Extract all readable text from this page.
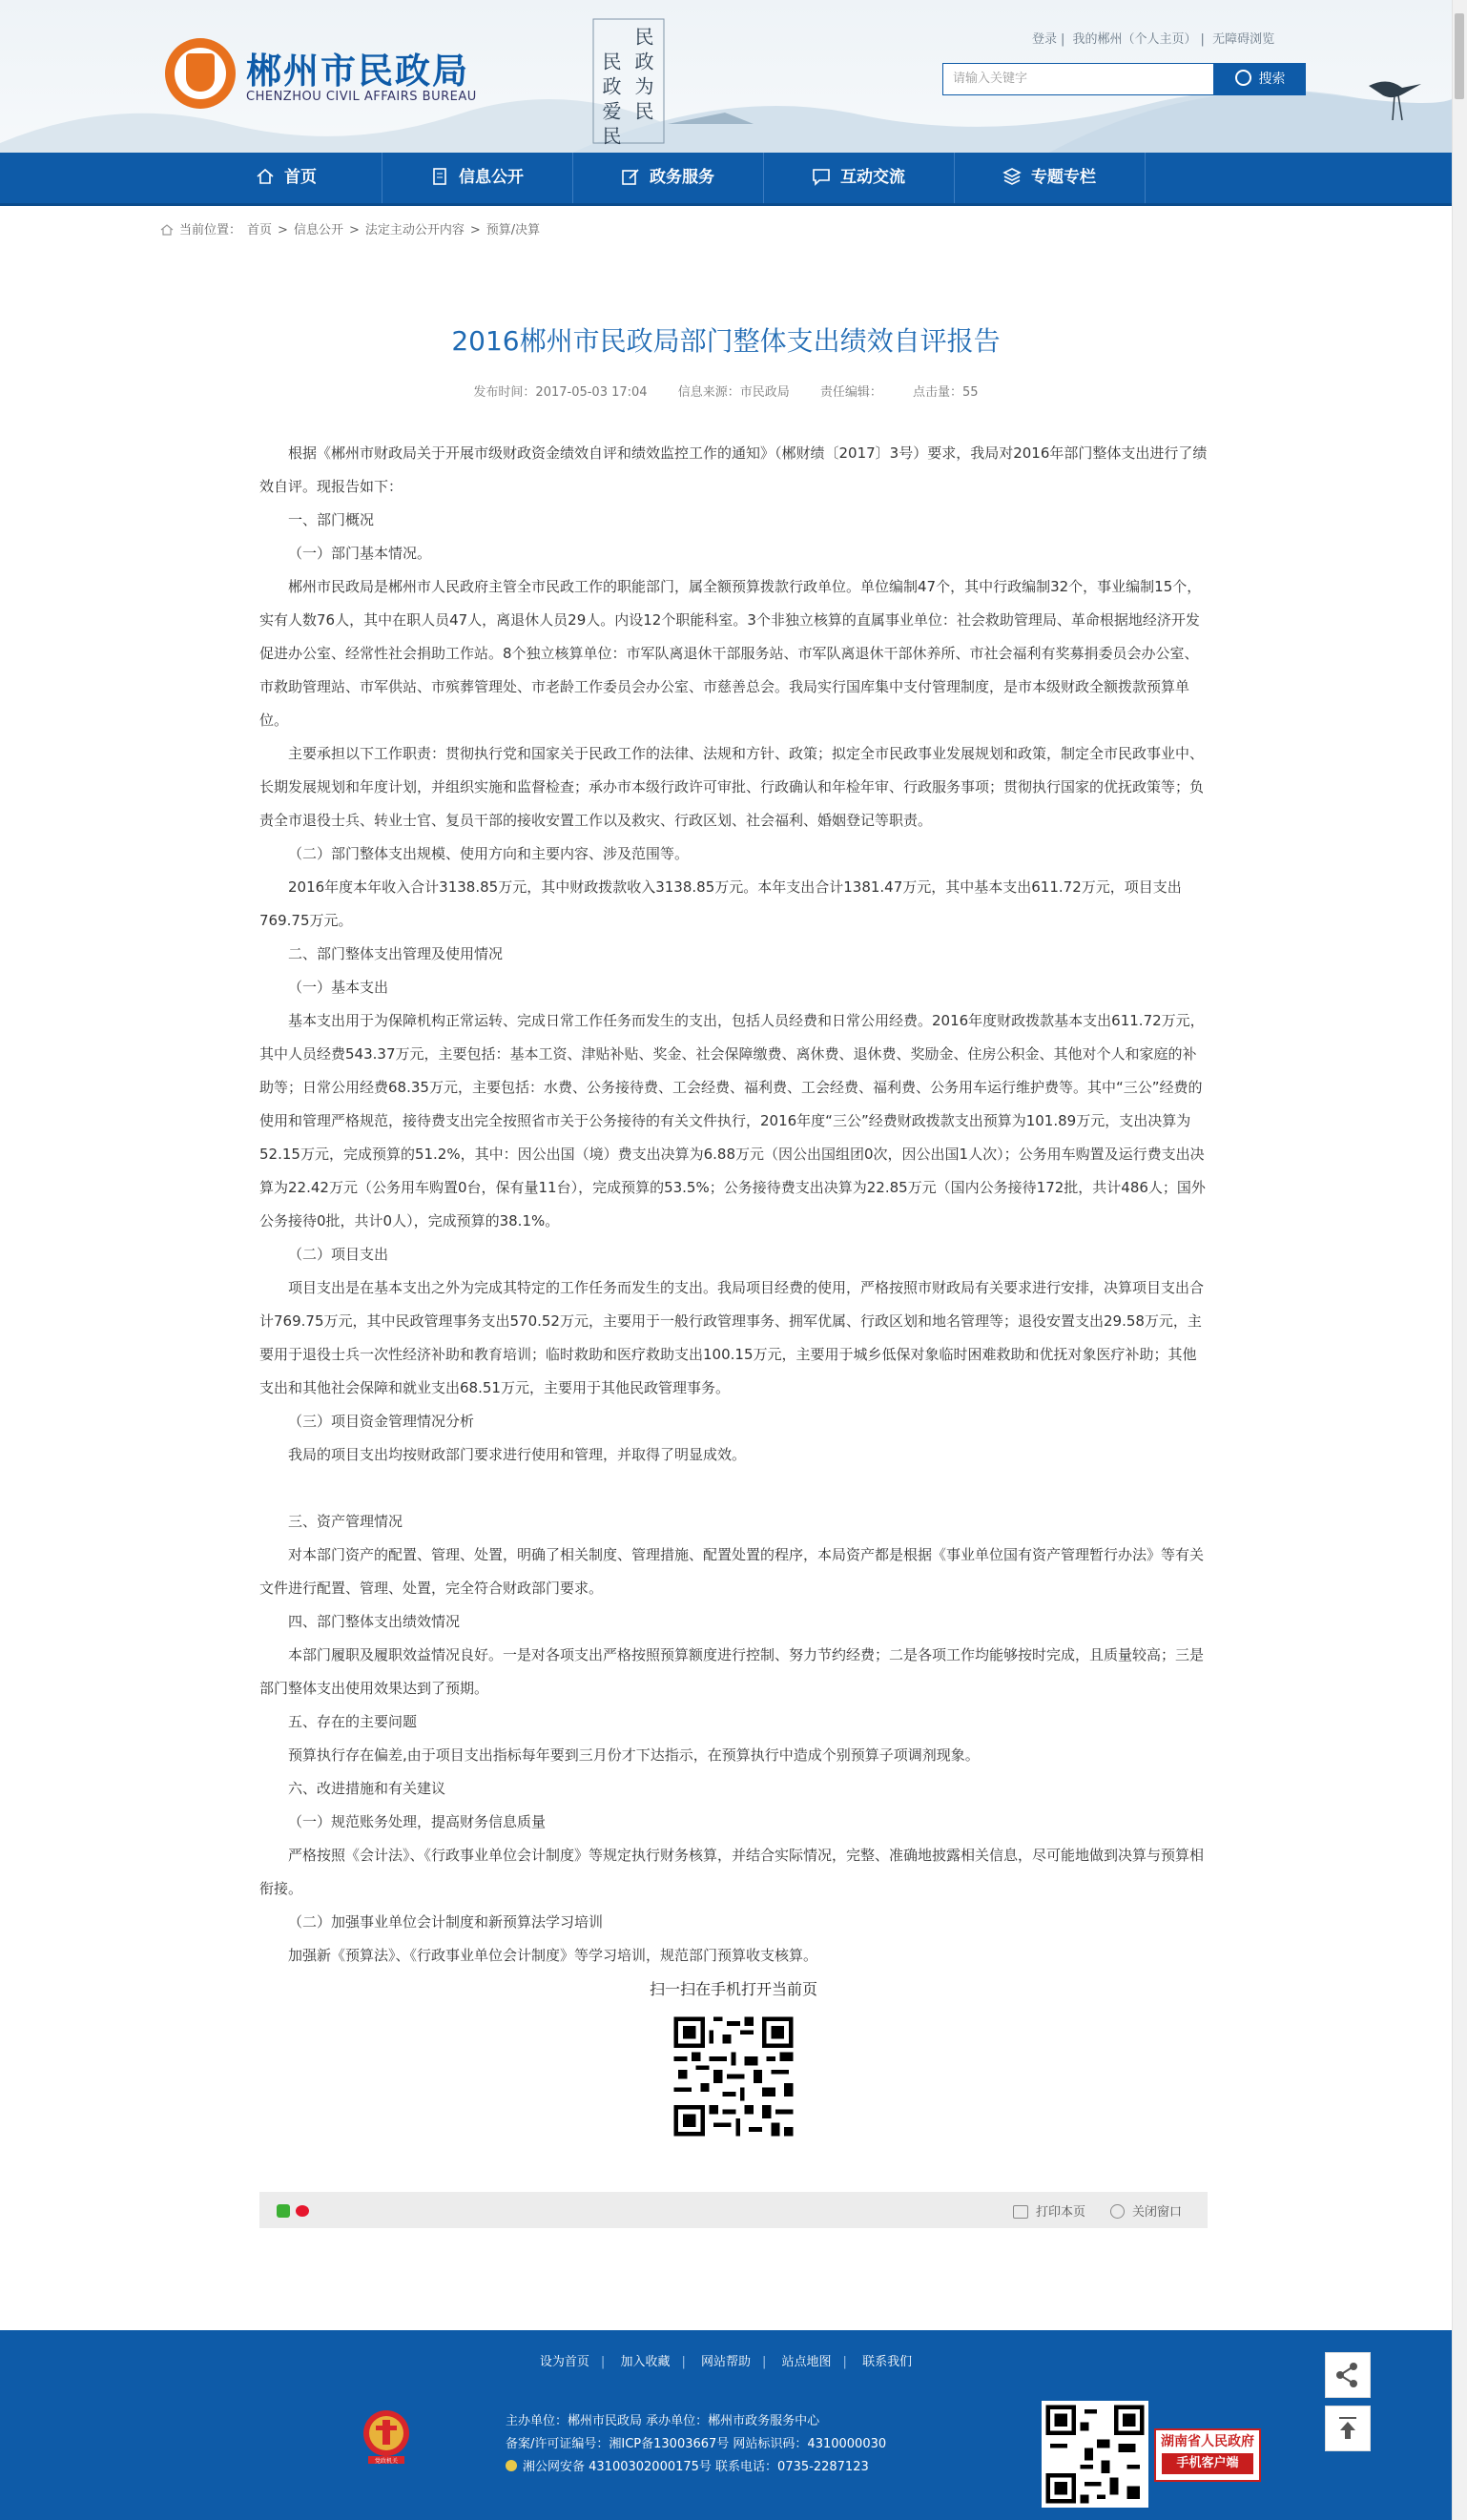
郴州市民政局
CHENZHOU CIVIL AFFAIRS BUREAU	民政为民
民政爱民
登录 | 我的郴州（个人主页） | 无障碍浏览
请输入关键字	搜索
首页	信息公开	政务服务	互动交流	专题专栏
当前位置： 首页 > 信息公开 > 法定主动公开内容 > 预算/决算
2016郴州市民政局部门整体支出绩效自评报告
发布时间：2017-05-03 17:04 信息来源：市民政局 责任编辑： 点击量：55

根据《郴州市财政局关于开展市级财政资金绩效自评和绩效监控工作的通知》（郴财绩〔2017〕3号）要求，我局对2016年部门整体支出进行了绩效自评。现报告如下：

一、部门概况

（一）部门基本情况。

郴州市民政局是郴州市人民政府主管全市民政工作的职能部门，属全额预算拨款行政单位。单位编制47个，其中行政编制32个，事业编制15个，实有人数76人，其中在职人员47人，离退休人员29人。内设12个职能科室。3个非独立核算的直属事业单位：社会救助管理局、革命根据地经济开发促进办公室、经常性社会捐助工作站。8个独立核算单位：市军队离退休干部服务站、市军队离退休干部休养所、市社会福利有奖募捐委员会办公室、市救助管理站、市军供站、市殡葬管理处、市老龄工作委员会办公室、市慈善总会。我局实行国库集中支付管理制度，是市本级财政全额拨款预算单位。

主要承担以下工作职责：贯彻执行党和国家关于民政工作的法律、法规和方针、政策；拟定全市民政事业发展规划和政策，制定全市民政事业中、长期发展规划和年度计划，并组织实施和监督检查；承办市本级行政许可审批、行政确认和年检年审、行政服务事项；贯彻执行国家的优抚政策等；负责全市退役士兵、转业士官、复员干部的接收安置工作以及救灾、行政区划、社会福利、婚姻登记等职责。

（二）部门整体支出规模、使用方向和主要内容、涉及范围等。

2016年度本年收入合计3138.85万元，其中财政拨款收入3138.85万元。本年支出合计1381.47万元，其中基本支出611.72万元，项目支出769.75万元。

二、部门整体支出管理及使用情况

（一）基本支出

基本支出用于为保障机构正常运转、完成日常工作任务而发生的支出，包括人员经费和日常公用经费。2016年度财政拨款基本支出611.72万元，其中人员经费543.37万元，主要包括：基本工资、津贴补贴、奖金、社会保障缴费、离休费、退休费、奖励金、住房公积金、其他对个人和家庭的补助等；日常公用经费68.35万元，主要包括：水费、公务接待费、工会经费、福利费、工会经费、福利费、公务用车运行维护费等。其中“三公”经费的使用和管理严格规范，接待费支出完全按照省市关于公务接待的有关文件执行，2016年度“三公”经费财政拨款支出预算为101.89万元，支出决算为52.15万元，完成预算的51.2%，其中：因公出国（境）费支出决算为6.88万元（因公出国组团0次，因公出国1人次）；公务用车购置及运行费支出决算为22.42万元（公务用车购置0台，保有量11台），完成预算的53.5%；公务接待费支出决算为22.85万元（国内公务接待172批，共计486人；国外公务接待0批，共计0人），完成预算的38.1%。

（二）项目支出

项目支出是在基本支出之外为完成其特定的工作任务而发生的支出。我局项目经费的使用，严格按照市财政局有关要求进行安排，决算项目支出合计769.75万元，其中民政管理事务支出570.52万元，主要用于一般行政管理事务、拥军优属、行政区划和地名管理等；退役安置支出29.58万元，主要用于退役士兵一次性经济补助和教育培训；临时救助和医疗救助支出100.15万元，主要用于城乡低保对象临时困难救助和优抚对象医疗补助；其他支出和其他社会保障和就业支出68.51万元，主要用于其他民政管理事务。

（三）项目资金管理情况分析

我局的项目支出均按财政部门要求进行使用和管理，并取得了明显成效。

三、资产管理情况

对本部门资产的配置、管理、处置，明确了相关制度、管理措施、配置处置的程序，本局资产都是根据《事业单位国有资产管理暂行办法》等有关文件进行配置、管理、处置，完全符合财政部门要求。

四、部门整体支出绩效情况

本部门履职及履职效益情况良好。一是对各项支出严格按照预算额度进行控制、努力节约经费；二是各项工作均能够按时完成，且质量较高；三是部门整体支出使用效果达到了预期。

五、存在的主要问题

预算执行存在偏差,由于项目支出指标每年要到三月份才下达指示，在预算执行中造成个别预算子项调剂现象。

六、改进措施和有关建议

（一）规范账务处理，提高财务信息质量

严格按照《会计法》、《行政事业单位会计制度》等规定执行财务核算，并结合实际情况，完整、准确地披露相关信息，尽可能地做到决算与预算相衔接。

（二）加强事业单位会计制度和新预算法学习培训

加强新《预算法》、《行政事业单位会计制度》等学习培训，规范部门预算收支核算。

扫一扫在手机打开当前页
打印本页	关闭窗口
设为首页 | 加入收藏 | 网站帮助 | 站点地图 | 联系我们
党政机关
主办单位：郴州市民政局 承办单位：郴州市政务服务中心
备案/许可证编号：湘ICP备13003667号 网站标识码：4310000030
湘公网安备 43100302000175号 联系电话：0735-2287123
湖南省人民政府
手机客户端
